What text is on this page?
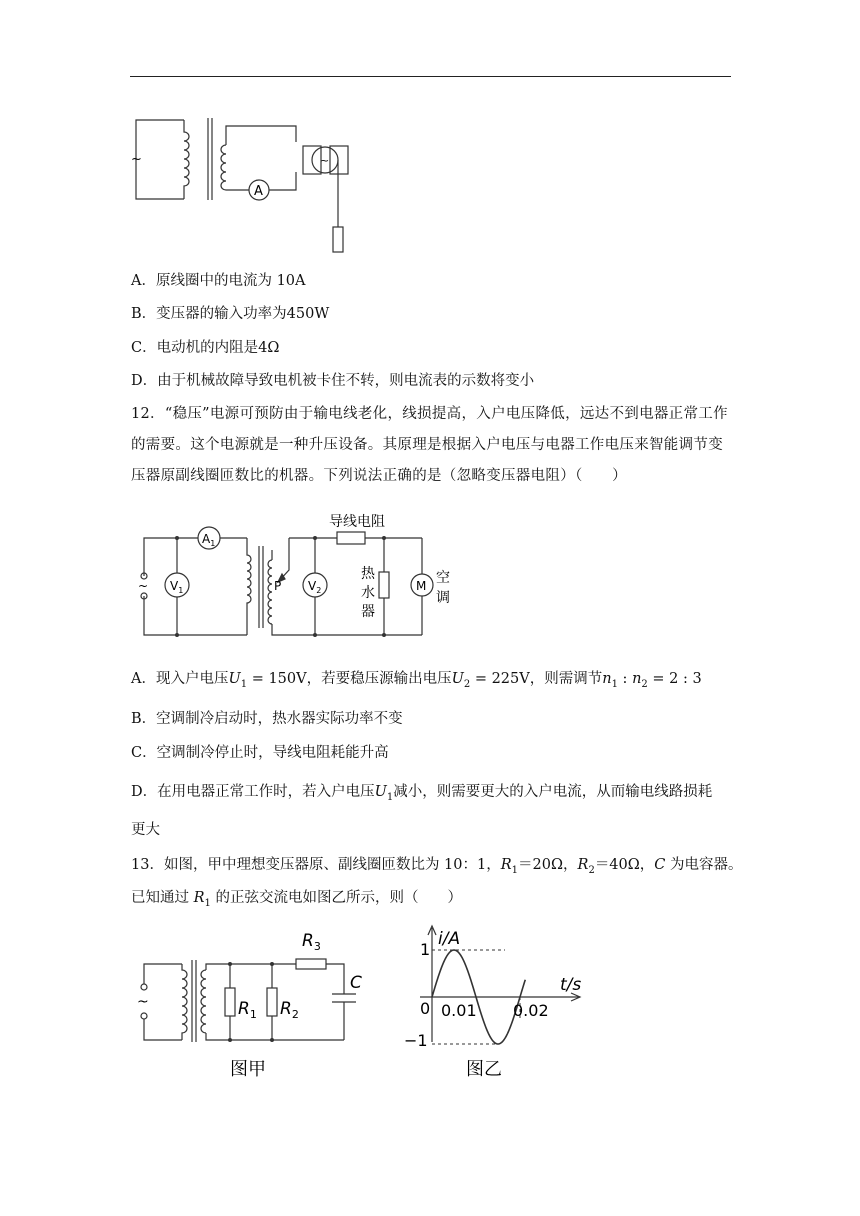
~
A
~
A．原线圈中的电流为 10A
B．变压器的输入功率为450W
C．电动机的内阻是4Ω
D．由于机械故障导致电机被卡住不转，则电流表的示数将变小
12．“稳压”电源可预防由于输电线老化，线损提高，入户电压降低，远达不到电器正常工作的需要。这个电源就是一种升压设备。其原理是根据入户电压与电器工作电压来智能调节变压器原副线圈匝数比的机器。下列说法正确的是（忽略变压器电阻）（　　）
~
$A_1$
$V_1$	P $V_2$
导线电阻
热
水
器
M 空
调
A．现入户电压$U_1 = 150V$，若要稳压源输出电压$U_2 = 225V$，则需调节$n_1$ : $n_2 = 2$ : 3
B．空调制冷启动时，热水器实际功率不变
C．空调制冷停止时，导线电阻耗能升高
D．在用电器正常工作时，若入户电压$U_1$减小，则需要更大的入户电流，从而输电线路损耗
更大
13．如图，甲中理想变压器原、副线圈匝数比为 10：1，$R_1=20\Omega$，$R_2=40\Omega$，C 为电容器。
已知通过 $R_1$ 的正弦交流电如图乙所示，则（　　）
~	$R_1$ $R_2$
$R_3$
C
图甲
i/A
t/s
0
1
−1
0.01 0.02
图乙
